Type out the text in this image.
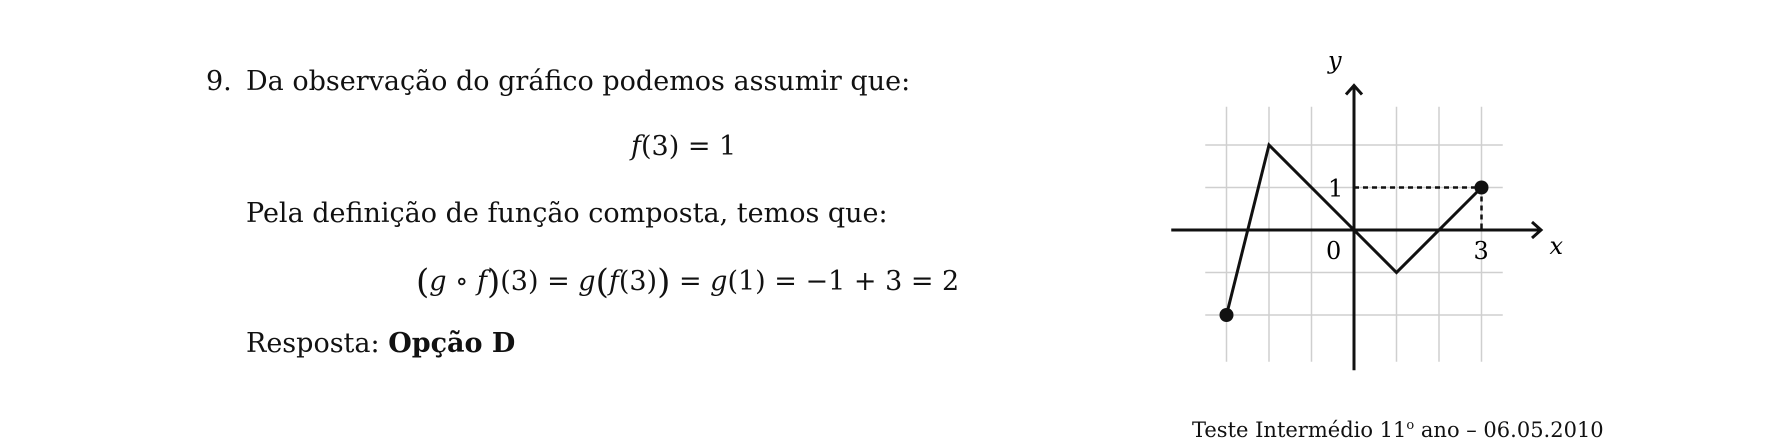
9. Da observação do gráfico podemos assumir que:
f(3) = 1
Pela definição de função composta, temos que:
(g ∘ f)(3) = g(f(3)) = g(1) = −1 + 3 = 2
Resposta: Opção D
x
y
0
1
3
Teste Intermédio 11$^o$ ano – 06.05.2010
